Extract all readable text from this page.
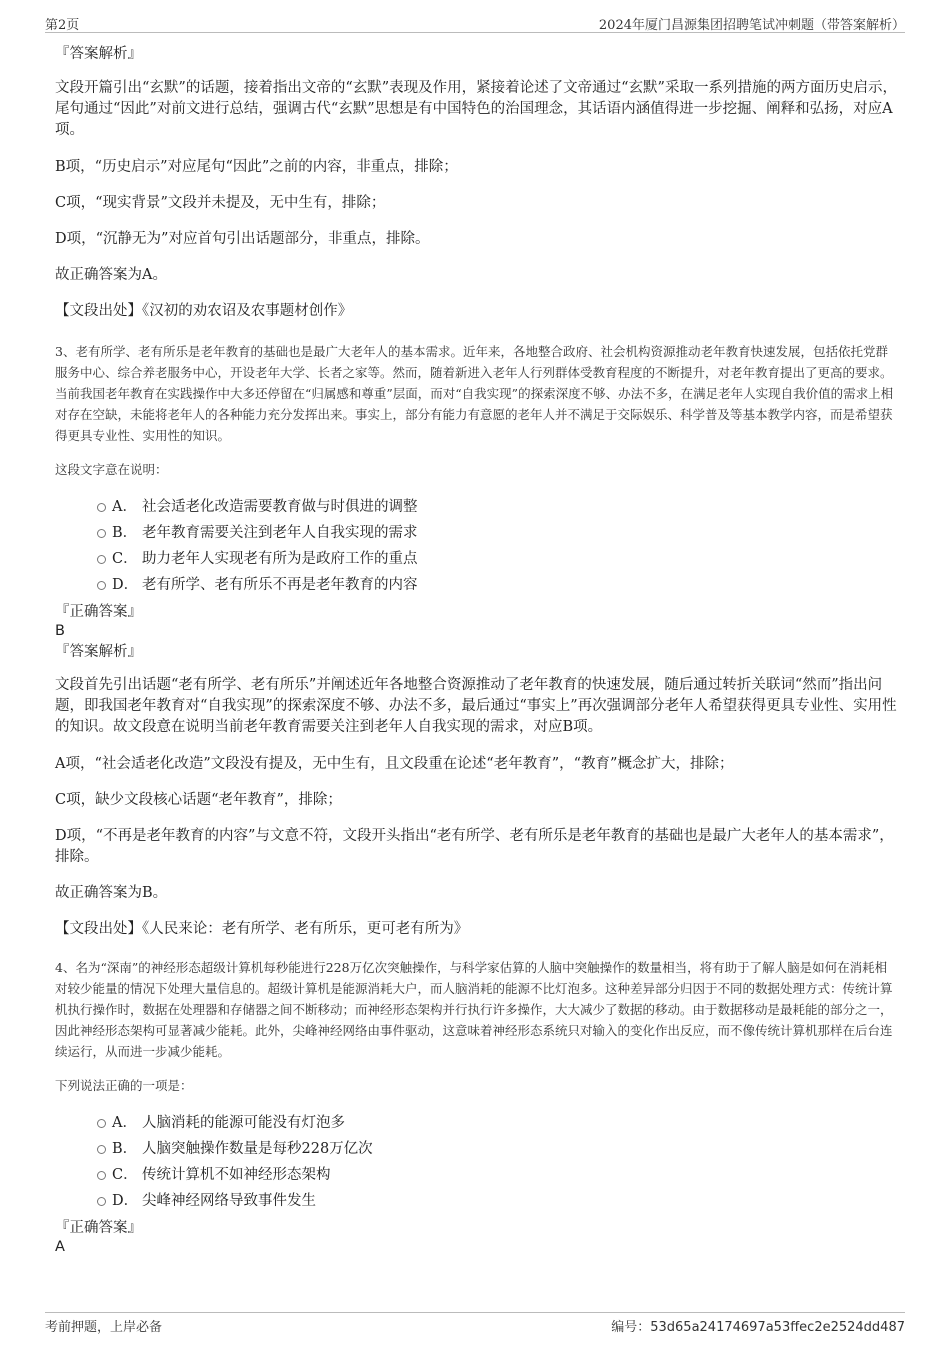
第2页	2024年厦门昌源集团招聘笔试冲刺题（带答案解析）
『答案解析』

文段开篇引出“玄默”的话题，接着指出文帝的“玄默”表现及作用，紧接着论述了文帝通过“玄默”采取一系列措施的两方面历史启示，尾句通过“因此”对前文进行总结，强调古代“玄默”思想是有中国特色的治国理念，其话语内涵值得进一步挖掘、阐释和弘扬，对应A项。

B项，“历史启示”对应尾句“因此”之前的内容，非重点，排除；

C项，“现实背景”文段并未提及，无中生有，排除；

D项，“沉静无为”对应首句引出话题部分，非重点，排除。

故正确答案为A。

【文段出处】《汉初的劝农诏及农事题材创作》

3、老有所学、老有所乐是老年教育的基础也是最广大老年人的基本需求。近年来，各地整合政府、社会机构资源推动老年教育快速发展，包括依托党群服务中心、综合养老服务中心，开设老年大学、长者之家等。然而，随着新进入老年人行列群体受教育程度的不断提升，对老年教育提出了更高的要求。当前我国老年教育在实践操作中大多还停留在“归属感和尊重”层面，而对“自我实现”的探索深度不够、办法不多，在满足老年人实现自我价值的需求上相对存在空缺，未能将老年人的各种能力充分发挥出来。事实上，部分有能力有意愿的老年人并不满足于交际娱乐、科学普及等基本教学内容，而是希望获得更具专业性、实用性的知识。

这段文字意在说明：

A． 社会适老化改造需要教育做与时俱进的调整
B． 老年教育需要关注到老年人自我实现的需求
C． 助力老年人实现老有所为是政府工作的重点
D． 老有所学、老有所乐不再是老年教育的内容
『正确答案』
B
『答案解析』

文段首先引出话题“老有所学、老有所乐”并阐述近年各地整合资源推动了老年教育的快速发展，随后通过转折关联词“然而”指出问题，即我国老年教育对“自我实现”的探索深度不够、办法不多，最后通过“事实上”再次强调部分老年人希望获得更具专业性、实用性的知识。故文段意在说明当前老年教育需要关注到老年人自我实现的需求，对应B项。

A项，“社会适老化改造”文段没有提及，无中生有，且文段重在论述“老年教育”，“教育”概念扩大，排除；

C项，缺少文段核心话题“老年教育”，排除；

D项，“不再是老年教育的内容”与文意不符，文段开头指出“老有所学、老有所乐是老年教育的基础也是最广大老年人的基本需求”，排除。

故正确答案为B。

【文段出处】《人民来论：老有所学、老有所乐，更可老有所为》

4、名为“深南”的神经形态超级计算机每秒能进行228万亿次突触操作，与科学家估算的人脑中突触操作的数量相当，将有助于了解人脑是如何在消耗相对较少能量的情况下处理大量信息的。超级计算机是能源消耗大户，而人脑消耗的能源不比灯泡多。这种差异部分归因于不同的数据处理方式：传统计算机执行操作时，数据在处理器和存储器之间不断移动；而神经形态架构并行执行许多操作，大大减少了数据的移动。由于数据移动是最耗能的部分之一，因此神经形态架构可显著减少能耗。此外，尖峰神经网络由事件驱动，这意味着神经形态系统只对输入的变化作出反应，而不像传统计算机那样在后台连续运行，从而进一步减少能耗。

下列说法正确的一项是：

A． 人脑消耗的能源可能没有灯泡多
B． 人脑突触操作数量是每秒228万亿次
C． 传统计算机不如神经形态架构
D． 尖峰神经网络导致事件发生
『正确答案』
A
考前押题，上岸必备	编号：53d65a24174697a53ffec2e2524dd487
